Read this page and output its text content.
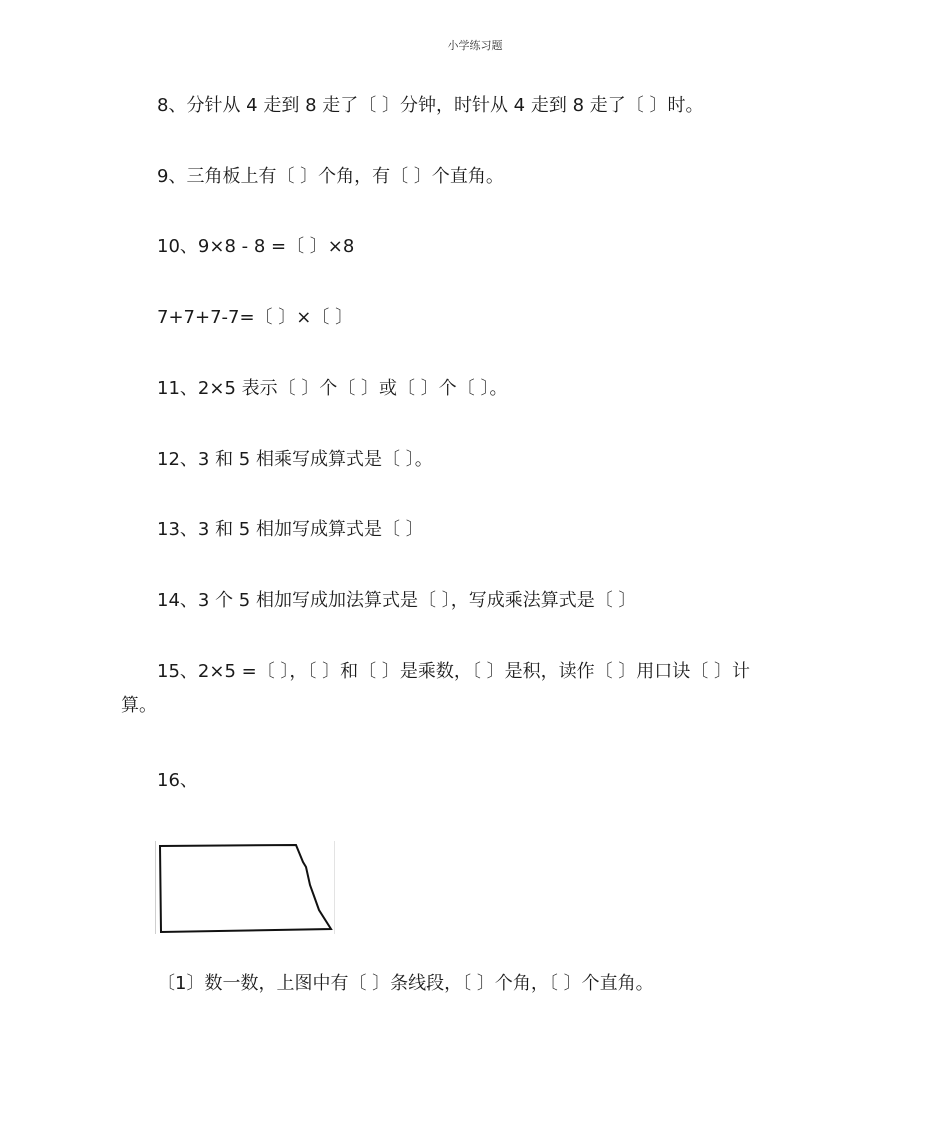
小学练习题
8、分针从 4 走到 8 走了〔 〕分钟，时针从 4 走到 8 走了〔 〕时。
9、三角板上有〔 〕个角，有〔 〕个直角。
10、9×8 - 8 =〔 〕×8
7+7+7-7=〔 〕×〔 〕
11、2×5 表示〔 〕个〔 〕或〔 〕个〔 〕。
12、3 和 5 相乘写成算式是〔 〕。
13、3 和 5 相加写成算式是〔 〕
14、3 个 5 相加写成加法算式是〔 〕，写成乘法算式是〔 〕
15、2×5 =〔 〕，〔 〕和〔 〕是乘数，〔 〕是积，读作〔 〕用口诀〔 〕计
算。
16、
〔1〕数一数，上图中有〔 〕条线段，〔 〕个角，〔 〕个直角。
